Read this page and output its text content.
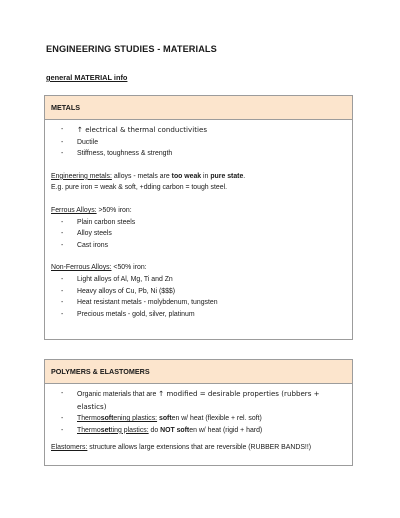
ENGINEERING STUDIES - MATERIALS
general MATERIAL info
METALS
- ↑ electrical & thermal conductivities
- Ductile
- Stiffness, toughness & strength
Engineering metals: alloys - metals are too weak in pure state.
E.g. pure iron = weak & soft, +dding carbon = tough steel.
Ferrous Alloys: >50% iron:
- Plain carbon steels
- Alloy steels
- Cast irons
Non-Ferrous Alloys: <50% iron:
- Light alloys of Al, Mg, Ti and Zn
- Heavy alloys of Cu, Pb, Ni ($$$)
- Heat resistant metals - molybdenum, tungsten
- Precious metals - gold, silver, platinum
POLYMERS & ELASTOMERS
- Organic materials that are ↑ modified = desirable properties (rubbers + elastics)
- Thermosoftening plastics: soften w/ heat (flexible + rel. soft)
- Thermosetting plastics: do NOT soften w/ heat (rigid + hard)
Elastomers: structure allows large extensions that are reversible (RUBBER BANDS!!)
